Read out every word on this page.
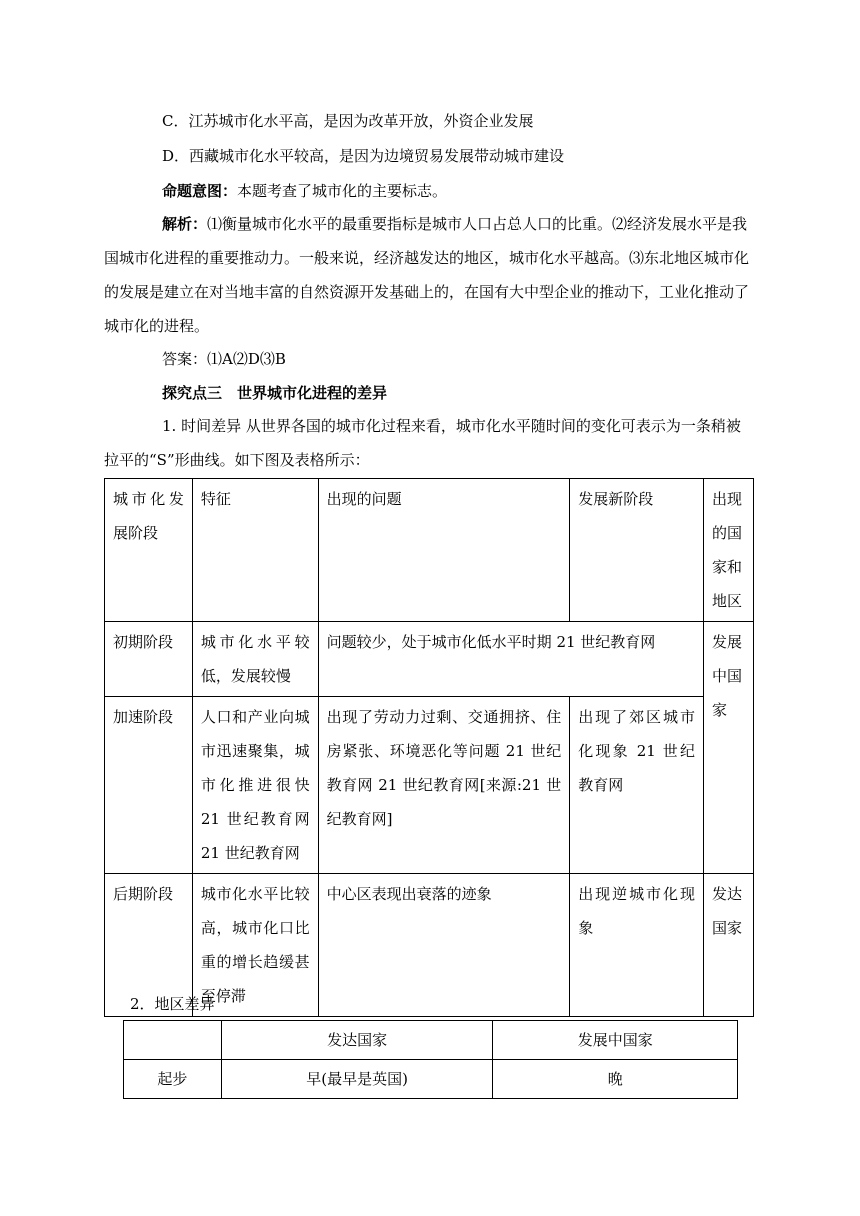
C．江苏城市化水平高，是因为改革开放，外资企业发展
D．西藏城市化水平较高，是因为边境贸易发展带动城市建设
命题意图：本题考查了城市化的主要标志。
解析：⑴衡量城市化水平的最重要指标是城市人口占总人口的比重。⑵经济发展水平是我国城市化进程的重要推动力。一般来说，经济越发达的地区，城市化水平越高。⑶东北地区城市化的发展是建立在对当地丰富的自然资源开发基础上的，在国有大中型企业的推动下，工业化推动了城市化的进程。
答案：⑴A⑵D⑶B
探究点三　世界城市化进程的差异
1. 时间差异 从世界各国的城市化过程来看，城市化水平随时间的变化可表示为一条稍被拉平的“S”形曲线。如下图及表格所示：
城市化发展阶段	特征	出现的问题	发展新阶段	出现的国家和地区
初期阶段	城市化水平较低，发展较慢	问题较少，处于城市化低水平时期 21 世纪教育网		发展中国家
加速阶段	人口和产业向城市迅速聚集，城市化推进很快 21 世纪教育网 21 世纪教育网	出现了劳动力过剩、交通拥挤、住房紧张、环境恶化等问题 21 世纪教育网 21 世纪教育网[来源:21 世纪教育网]	出现了郊区城市化现象 21 世纪教育网	
后期阶段	城市化水平比较高，城市化口比重的增长趋缓甚至停滞	中心区表现出衰落的迹象	出现逆城市化现象	发达国家
2．地区差异
	发达国家	发展中国家
起步	早(最早是英国)	晚
